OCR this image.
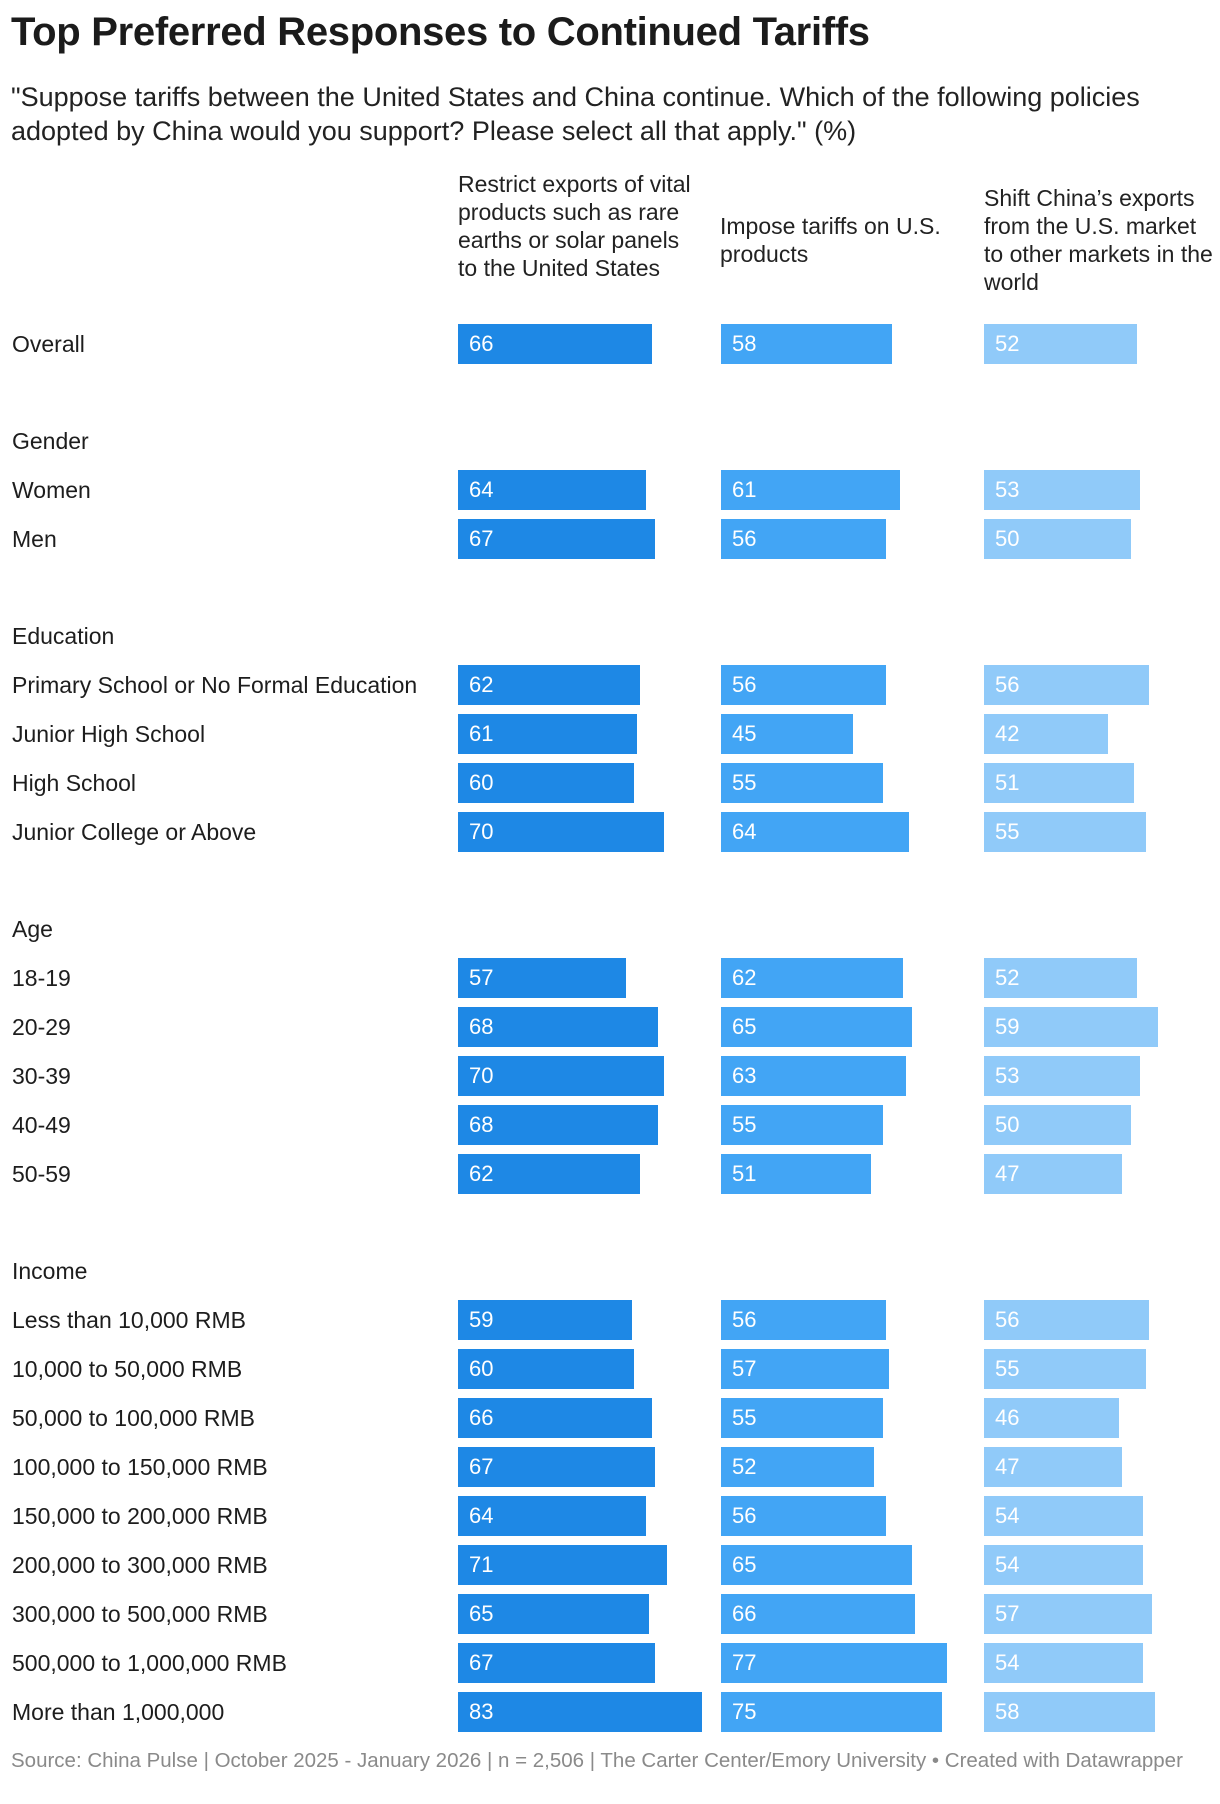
Top Preferred Responses to Continued Tariffs
"Suppose tariffs between the United States and China continue. Which of the following policies adopted by China would you support? Please select all that apply." (%)
Restrict exports of vital products such as rare earths or solar panels to the United States
Impose tariffs on U.S. products
Shift China’s exports from the U.S. market to other markets in the world
Overall	66	58	52
Gender
Women	64	61	53
Men	67	56	50
Education
Primary School or No Formal Education 62	56	56
Junior High School	61	45	42
High School	60	55	51
Junior College or Above	70	64	55
Age
18-19	57	62	52
20-29	68	65	59
30-39	70	63	53
40-49	68	55	50
50-59	62	51	47
Income
Less than 10,000 RMB	59	56	56
10,000 to 50,000 RMB	60	57	55
50,000 to 100,000 RMB	66	55	46
100,000 to 150,000 RMB	67	52	47
150,000 to 200,000 RMB	64	56	54
200,000 to 300,000 RMB	71	65	54
300,000 to 500,000 RMB	65	66	57
500,000 to 1,000,000 RMB	67	77	54
More than 1,000,000	83	75	58
Source: China Pulse | October 2025 - January 2026 | n = 2,506 | The Carter Center/Emory University • Created with Datawrapper
